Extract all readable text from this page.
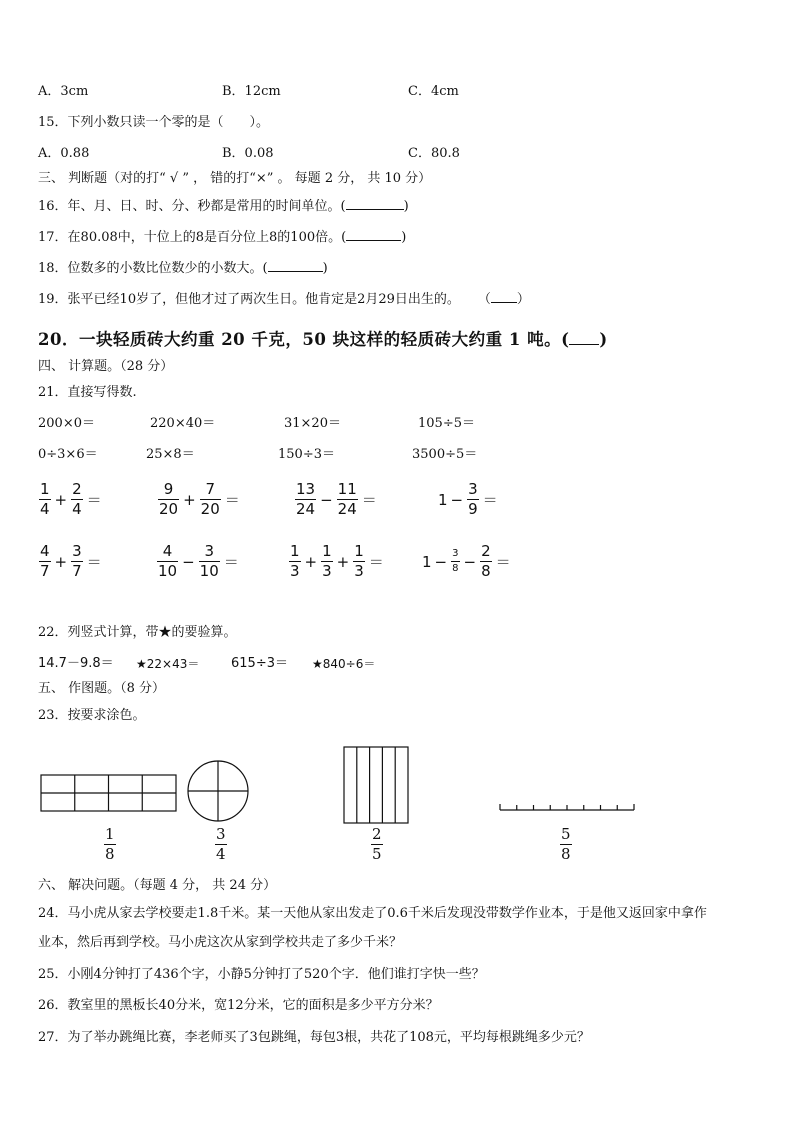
A．3cm	B．12cm	C．4cm
15．下列小数只读一个零的是（　　）。
A．0.88	B．0.08	C．80.8
三、 判断题（对的打“ √ ” ， 错的打“×” 。 每题 2 分， 共 10 分）
16．年、月、日、时、分、秒都是常用的时间单位。(	)
17．在80.08中，十位上的8是百分位上8的100倍。(	)
18．位数多的小数比位数少的小数大。(	)
19．张平已经10岁了，但他才过了两次生日。他肯定是2月29日出生的。 （ ）
20．一块轻质砖大约重 20 千克，50 块这样的轻质砖大约重 1 吨。( )
四、 计算题。（28 分）
21．直接写得数.
200×0＝	220×40＝	31×20＝	105÷5＝
0÷3×6＝	25×8＝	150÷3＝	3500÷5＝
$\frac{1}{4} + \frac{2}{4}$ ＝	$\frac{9}{20} + \frac{7}{20}$ ＝	$\frac{13}{24} - \frac{11}{24}$ ＝	$1 - \frac{3}{9}$ ＝
$\frac{4}{7} + \frac{3}{7}$ ＝	$\frac{4}{10} - \frac{3}{10}$ ＝	$\frac{1}{3} + \frac{1}{3} + \frac{1}{3}$ ＝	$1 - \frac{3}{8} - \frac{2}{8}$ ＝
22．列竖式计算，带★的要验算。
14.7－9.8＝ ★22×43＝ 615÷3＝ ★840÷6＝
五、 作图题。（8 分）
23．按要求涂色。
$\frac{1}{8}$	$\frac{3}{4}$	$\frac{2}{5}$	$\frac{5}{8}$
六、 解决问题。（每题 4 分， 共 24 分）
24．马小虎从家去学校要走1.8千米。某一天他从家出发走了0.6千米后发现没带数学作业本，于是他又返回家中拿作
业本，然后再到学校。马小虎这次从家到学校共走了多少千米？
25．小刚4分钟打了436个字，小静5分钟打了520个字．他们谁打字快一些？
26．教室里的黑板长40分米，宽12分米，它的面积是多少平方分米？
27．为了举办跳绳比赛，李老师买了3包跳绳，每包3根，共花了108元，平均每根跳绳多少元？
